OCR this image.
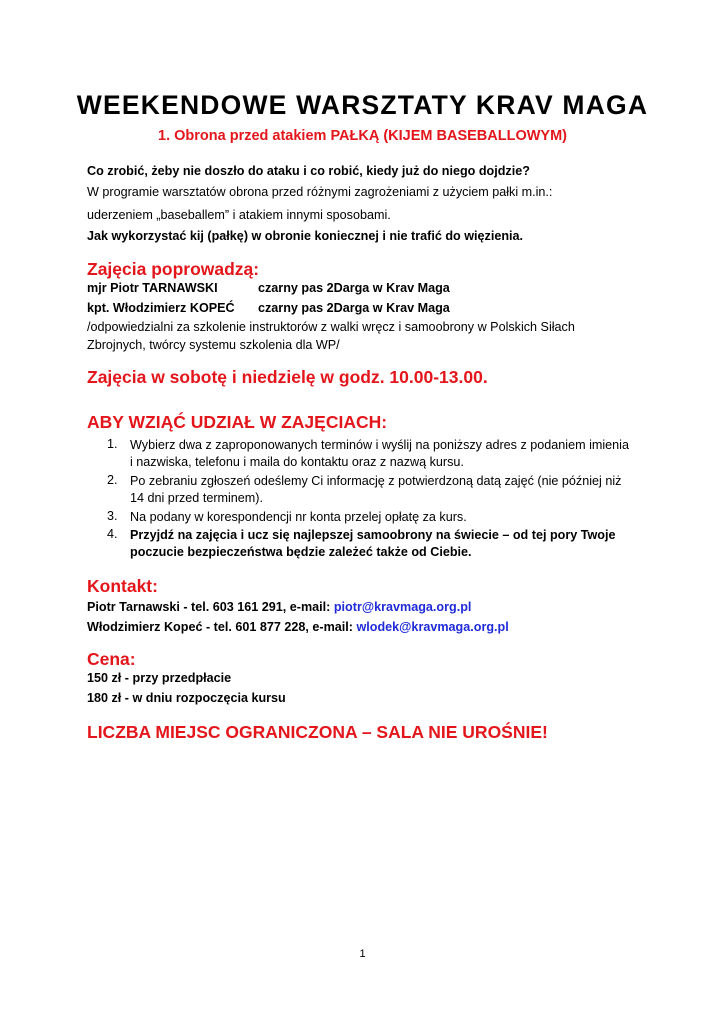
WEEKENDOWE WARSZTATY KRAV MAGA
1. Obrona przed atakiem PAŁKĄ (KIJEM BASEBALLOWYM)
Co zrobić, żeby nie doszło do ataku i co robić, kiedy już do niego dojdzie?
W programie warsztatów obrona przed różnymi zagrożeniami z użyciem pałki m.in.:
uderzeniem „baseballem” i atakiem innymi sposobami.
Jak wykorzystać kij (pałkę) w obronie koniecznej i nie trafić do więzienia.
Zajęcia poprowadzą:
mjr Piotr TARNAWSKI	czarny pas 2Darga w Krav Maga
kpt. Włodzimierz KOPEĆ czarny pas 2Darga w Krav Maga
/odpowiedzialni za szkolenie instruktorów z walki wręcz i samoobrony w Polskich Siłach
Zbrojnych, twórcy systemu szkolenia dla WP/
Zajęcia w sobotę i niedzielę w godz. 10.00-13.00.
ABY WZIĄĆ UDZIAŁ W ZAJĘCIACH:
1. Wybierz dwa z zaproponowanych terminów i wyślij na poniższy adres z podaniem imienia i nazwiska, telefonu i maila do kontaktu oraz z nazwą kursu.
2. Po zebraniu zgłoszeń odeślemy Ci informację z potwierdzoną datą zajęć (nie później niż 14 dni przed terminem).
3. Na podany w korespondencji nr konta przelej opłatę za kurs.
4. Przyjdź na zajęcia i ucz się najlepszej samoobrony na świecie – od tej pory Twoje poczucie bezpieczeństwa będzie zależeć także od Ciebie.
Kontakt:
Piotr Tarnawski - tel. 603 161 291, e-mail: piotr@kravmaga.org.pl
Włodzimierz Kopeć - tel. 601 877 228, e-mail: wlodek@kravmaga.org.pl
Cena:
150 zł - przy przedpłacie
180 zł - w dniu rozpoczęcia kursu
LICZBA MIEJSC OGRANICZONA – SALA NIE UROŚNIE!
1
